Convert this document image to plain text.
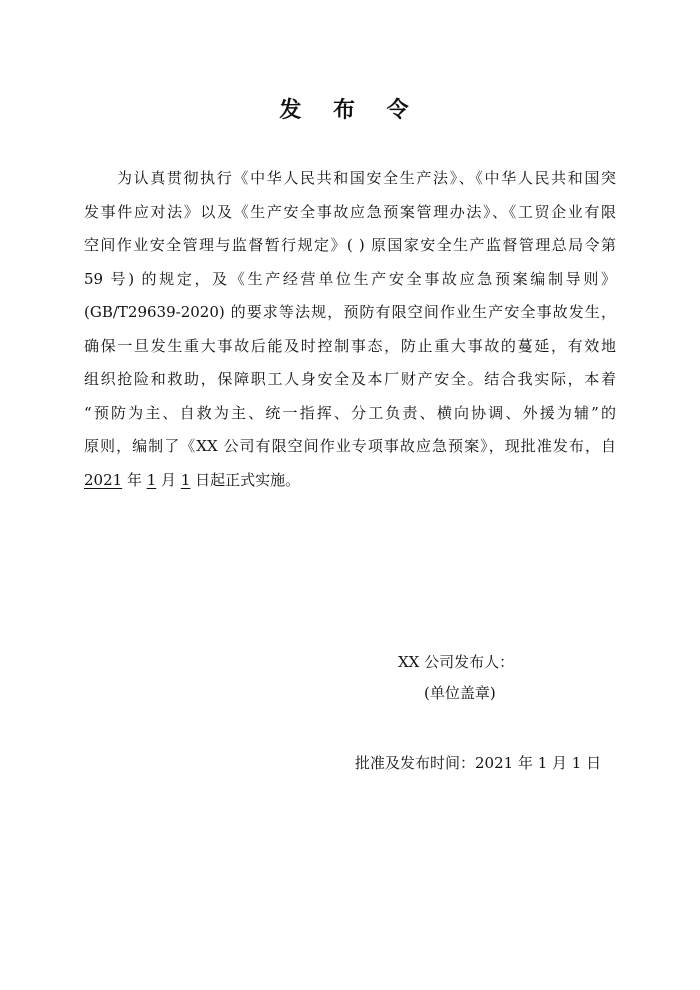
发 布 令
为认真贯彻执行《中华人民共和国安全生产法》、《中华人民共和国突
发事件应对法》以及《生产安全事故应急预案管理办法》、《工贸企业有限
空间作业安全管理与监督暂行规定》( ) 原国家安全生产监督管理总局令第
59 号) 的规定，及《生产经营单位生产安全事故应急预案编制导则》
(GB/T29639-2020) 的要求等法规，预防有限空间作业生产安全事故发生，
确保一旦发生重大事故后能及时控制事态，防止重大事故的蔓延，有效地
组织抢险和救助，保障职工人身安全及本厂财产安全。结合我实际，本着
“预防为主、自救为主、统一指挥、分工负责、横向协调、外援为辅”的
原则，编制了《XX 公司有限空间作业专项事故应急预案》，现批准发布，自
2021 年 1 月 1 日起正式实施。
XX 公司发布人：
(单位盖章)
批准及发布时间：2021 年 1 月 1 日
